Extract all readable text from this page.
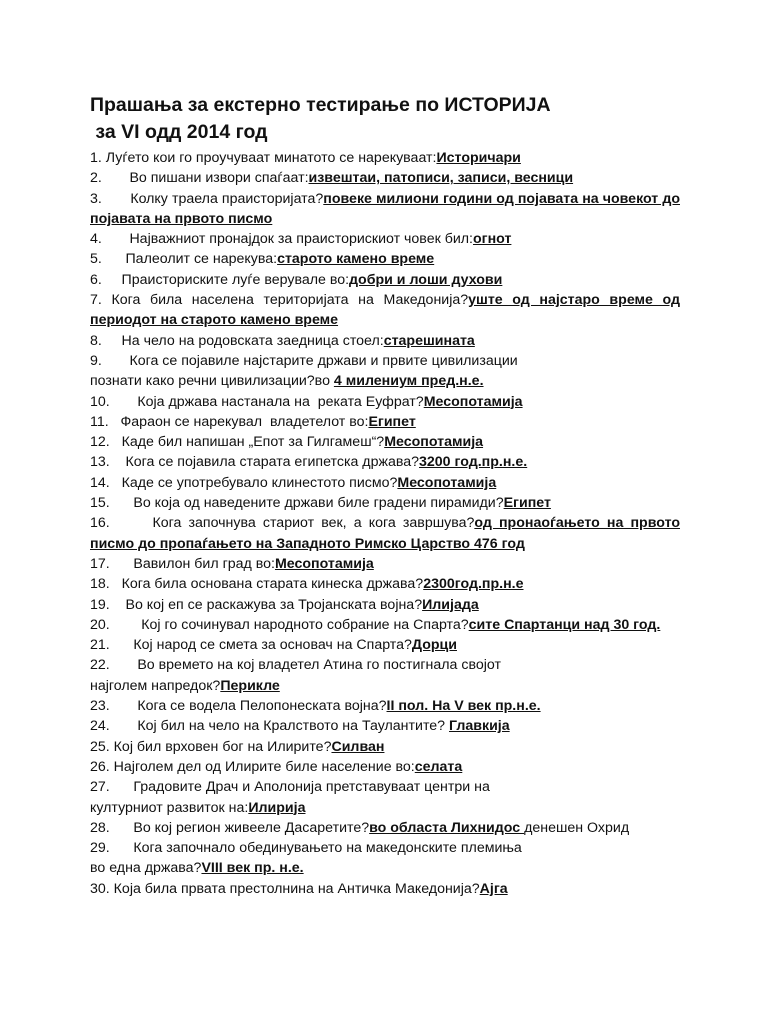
Прашања за екстерно тестирање по ИСТОРИЈА
за VI одд 2014 год
1. Луѓето кои го проучуваат минатото се нарекуваат:Историчари
2.       Во пишани извори спаѓаат:извештаи, патописи, записи, весници
3.       Колку траела праисторијата?повеке милиони години од појавата на човекот до појавата на првото писмо
4.       Најважниот пронајдок за праисторискиот човек бил:огнот
5.      Палеолит се нарекува:старото камено време
6.     Праисториските луѓе верувале во:добри и лоши духови
7. Кога била населена територијата на Македонија?уште од најстаро време од периодот на старото камено време
8.     На чело на родовската заедница стоел:старешината
9.       Кога се појавиле најстарите држави и првите цивилизации
познати како речни цивилизации?во 4 милениум пред.н.е.
10.       Која држава настанала на  реката Еуфрат?Месопотамија
11.   Фараон се нарекувал  владетелот во:Египет
12.   Каде бил напишан „Епот за Гилгамеш“?Месопотамија
13.    Кога се појавила старата египетска држава?3200 год.пр.н.е.
14.   Каде се употребувало клинестото писмо?Месопотамија
15.      Во која од наведените држави биле градени пирамиди?Египет
16.      Кога започнува стариот век, а кога завршува?од пронаоѓањето на првото писмо до пропаѓањето на Западното Римско Царство 476 год
17.      Вавилон бил град во:Месопотамија
18.   Кога била основана старата кинеска држава?2300год.пр.н.е
19.    Во кој еп се раскажува за Тројанската војна?Илијада
20.        Кој го сочинувал народното собрание на Спарта?сите Спартанци над 30 год.
21.      Кој народ се смета за основач на Спарта?Дорци
22.       Во времето на кој владетел Атина го постигнала својот
најголем напредок?Перикле
23.       Кога се водела Пелопонеската војна?II пол. На V век пр.н.е.
24.       Кој бил на чело на Кралството на Таулантите? Главкија
25. Кој бил врховен бог на Илирите?Силван
26. Најголем дел од Илирите биле население во:селата
27.      Градовите Драч и Аполонија претставуваат центри на
културниот развиток на:Илирија
28.      Во кој регион живееле Дасаретите?во областа Лихнидос денешен Охрид
29.      Кога започнало обединувањето на македонските племиња
во една држава?VIII век пр. н.е.
30. Која била првата престолнина на Античка Македонија?Ајга
